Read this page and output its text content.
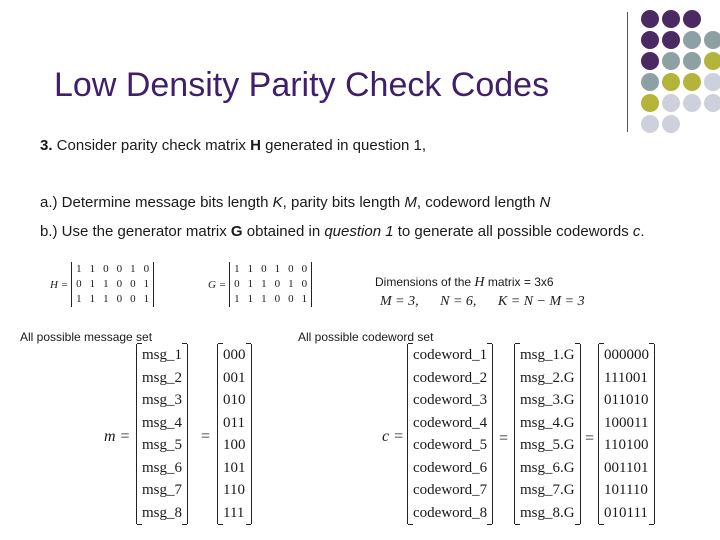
Low Density Parity Check Codes
3. Consider parity check matrix H generated in question 1,
a.) Determine message bits length K, parity bits length M, codeword length N
b.) Use the generator matrix G obtained in question 1 to generate all possible codewords c.
H =
1	1	0	0	1	0
0	1	1	0	0	1
1	1	1	0	0	1
G =
1	1	0	1	0	0
0	1	1	0	1	0
1	1	1	0	0	1
Dimensions of the H matrix = 3x6
M = 3, N = 6, K = N − M = 3
All possible message set	All possible codeword set
m =
msg_1
msg_2
msg_3
msg_4
msg_5
msg_6
msg_7
msg_8
=
000
001
010
011
100
101
110
111
c =
codeword_1
codeword_2
codeword_3
codeword_4
codeword_5
codeword_6
codeword_7
codeword_8
=
msg_1.G
msg_2.G
msg_3.G
msg_4.G
msg_5.G
msg_6.G
msg_7.G
msg_8.G
=
000000
111001
011010
100011
110100
001101
101110
010111
